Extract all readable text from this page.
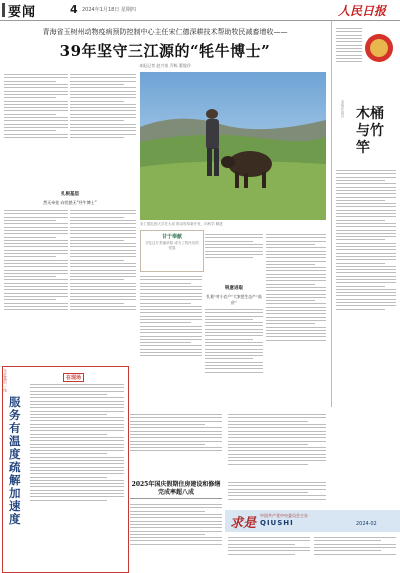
要闻	4 2024年1月18日 星期四	人民日报
青海省玉树州动物疫病预防控制中心主任宋仁德深耕技术帮助牧民减畜增收——
39年坚守三江源的“牦牛博士”
本报记者 赵兴家 乔栋 董俊玲
扎根基层
然无牵挂 向忧愁无“经牛博士”
宋仁德扎根大学在大成 推动牧草新开发，向科学 精进
甘于奉献
守住这片美丽草原 成为了牧民们的 依靠
锐意进取
扎着“对小农户”大家把生态产“高价”
本报评论员 木桶与竹竿
走近基层 一线
服务有温度疏解加速度
在现场
2025年国庆假期住房建设和修缮完成率超八成
求是
中国共产党中央委员会主办
QIUSHI	2024·02
